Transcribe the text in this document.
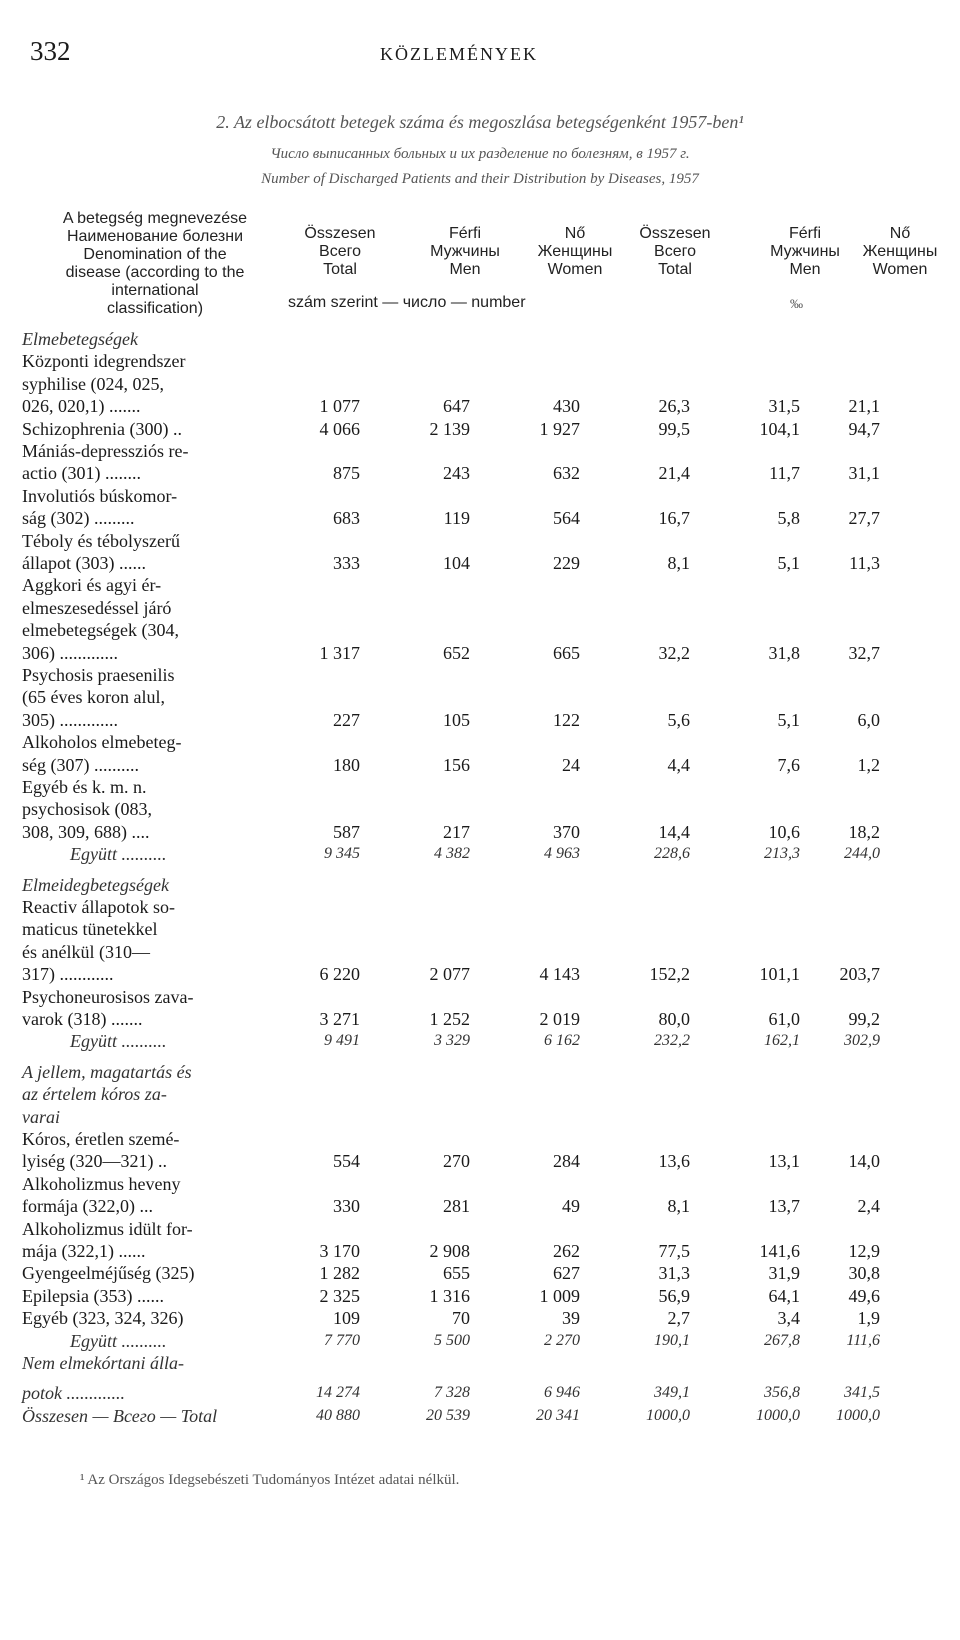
332	KÖZLEMÉNYEK
2. Az elbocsátott betegek száma és megoszlása betegségenként 1957-ben¹
Число выписанных больных и их разделение по болезням, в 1957 г.
Number of Discharged Patients and their Distribution by Diseases, 1957
A betegség megnevezése
Наименование болезни
Denomination of the
disease (according to the
international
classification)
Összesen
Всего
Total
Férfi
Мужчины
Men
Nő
Женщины
Women
Összesen
Всего
Total
Férfi
Мужчины
Men
Nő
Женщины
Women
szám szerint — число — number	‰
Elmebetegségek
Központi idegrendszer
syphilise (024, 025,
026, 020,1) .......	1 077	647	430	26,3	31,5	21,1
Schizophrenia (300) ..	4 066	2 139	1 927	99,5	104,1	94,7
Mániás-depressziós re-
actio (301) ........	875	243	632	21,4	11,7	31,1
Involutiós búskomor-
ság (302) .........	683	119	564	16,7	5,8	27,7
Téboly és tébolyszerű
állapot (303) ......	333	104	229	8,1	5,1	11,3
Aggkori és agyi ér-
elmeszesedéssel járó
elmebetegségek (304,
306) .............	1 317	652	665	32,2	31,8	32,7
Psychosis praesenilis
(65 éves koron alul,
305) .............	227	105	122	5,6	5,1	6,0
Alkoholos elmebeteg-
ség (307) ..........	180	156	24	4,4	7,6	1,2
Egyéb és k. m. n.
psychosisok (083,
308, 309, 688) ....	587	217	370	14,4	10,6	18,2
Együtt ..........	9 345	4 382	4 963	228,6	213,3	244,0
Elmeidegbetegségek
Reactiv állapotok so-
maticus tünetekkel
és anélkül (310—
317) ............	6 220	2 077	4 143	152,2	101,1	203,7
Psychoneurosisos zava-
varok (318) .......	3 271	1 252	2 019	80,0	61,0	99,2
Együtt ..........	9 491	3 329	6 162	232,2	162,1	302,9
A jellem, magatartás és
az értelem kóros za-
varai
Kóros, éretlen szemé-
lyiség (320—321) ..	554	270	284	13,6	13,1	14,0
Alkoholizmus heveny
formája (322,0) ...	330	281	49	8,1	13,7	2,4
Alkoholizmus idült for-
mája (322,1) ......	3 170	2 908	262	77,5	141,6	12,9
Gyengeelméjűség (325)	1 282	655	627	31,3	31,9	30,8
Epilepsia (353) ......	2 325	1 316	1 009	56,9	64,1	49,6
Egyéb (323, 324, 326)	109	70	39	2,7	3,4	1,9
Együtt ..........	7 770	5 500	2 270	190,1	267,8	111,6
Nem elmekórtani álla-
potok .............	14 274	7 328	6 946	349,1	356,8	341,5
Összesen — Всего — Total	40 880	20 539	20 341	1000,0	1000,0	1000,0
¹ Az Országos Idegsebészeti Tudományos Intézet adatai nélkül.
